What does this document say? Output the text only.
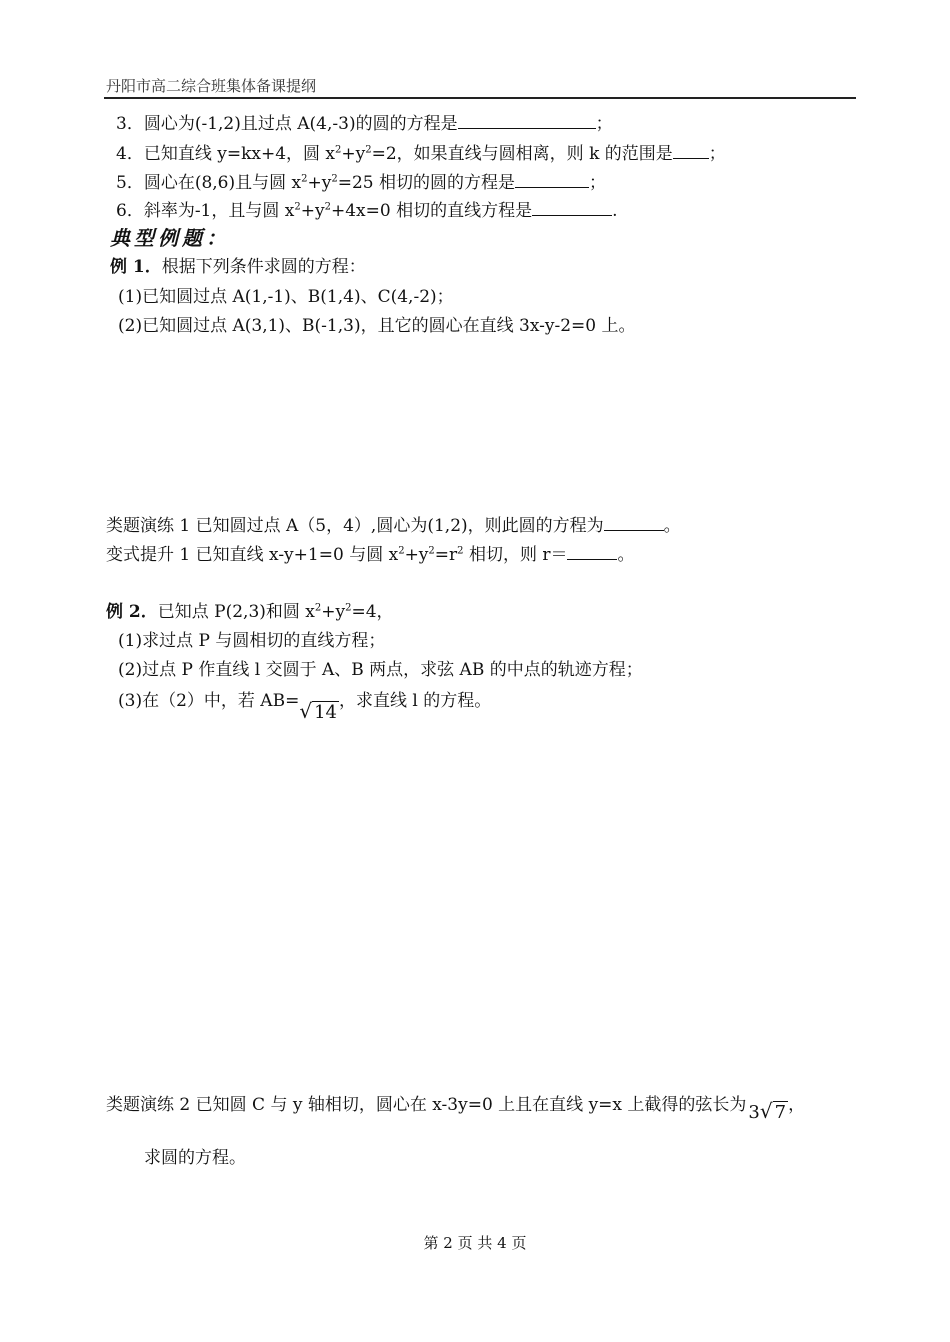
丹阳市高二综合班集体备课提纲
3．圆心为(-1,2)且过点 A(4,-3)的圆的方程是	；
4．已知直线 y=kx+4，圆 $x^2+y^2=2$，如果直线与圆相离，则 k 的范围是 ；
5．圆心在(8,6)且与圆 $x^2+y^2=25$ 相切的圆的方程是	；
6．斜率为-1，且与圆 $x^2+y^2+4x=0$ 相切的直线方程是	.
典型例题：
例 1．根据下列条件求圆的方程：
(1)已知圆过点 A(1,-1)、B(1,4)、C(4,-2)；
(2)已知圆过点 A(3,1)、B(-1,3)，且它的圆心在直线 3x-y-2=0 上。
类题演练 1 已知圆过点 A（5，4）,圆心为(1,2)，则此圆的方程为	。
变式提升 1 已知直线 x-y+1=0 与圆 $x^2+y^2=r^2$ 相切，则 r＝	。
例 2．已知点 P(2,3)和圆 $x^2+y^2=4$，
(1)求过点 P 与圆相切的直线方程；
(2)过点 P 作直线 l 交圆于 A、B 两点，求弦 AB 的中点的轨迹方程；
(3)在（2）中，若 AB=√ 14，求直线 l 的方程。
类题演练 2 已知圆 C 与 y 轴相切，圆心在 x-3y=0 上且在直线 y=x 上截得的弦长为 3√ 7 ，
求圆的方程。
第 2 页 共 4 页
